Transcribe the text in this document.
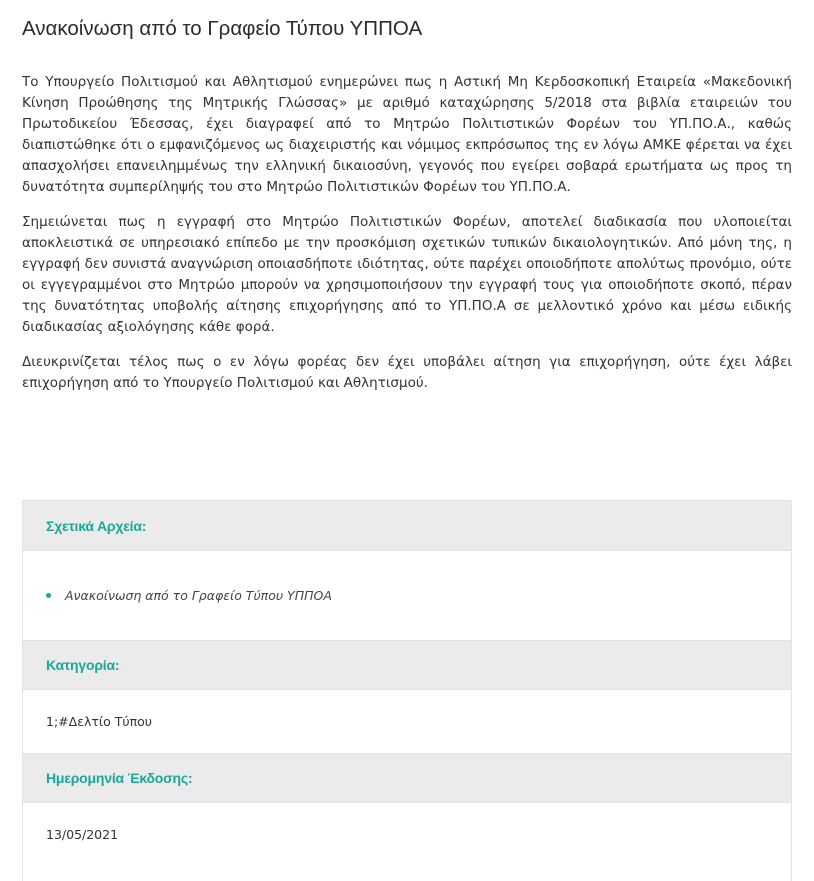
Ανακοίνωση από το Γραφείο Τύπου ΥΠΠΟΑ

Το Υπουργείο Πολιτισμού και Αθλητισμού ενημερώνει πως η Αστική Μη Κερδοσκοπική Εταιρεία «Μακεδονική Κίνηση Προώθησης της Μητρικής Γλώσσας» με αριθμό καταχώρησης 5/2018 στα βιβλία εταιρειών του Πρωτοδικείου Έδεσσας, έχει διαγραφεί από το Μητρώο Πολιτιστικών Φορέων του ΥΠ.ΠΟ.Α., καθώς διαπιστώθηκε ότι ο εμφανιζόμενος ως διαχειριστής και νόμιμος εκπρόσωπος της εν λόγω ΑΜΚΕ φέρεται να έχει απασχολήσει επανειλημμένως την ελληνική δικαιοσύνη, γεγονός που εγείρει σοβαρά ερωτήματα ως προς τη δυνατότητα συμπερίληψής του στο Μητρώο Πολιτιστικών Φορέων του ΥΠ.ΠΟ.Α.

Σημειώνεται πως η εγγραφή στο Μητρώο Πολιτιστικών Φορέων, αποτελεί διαδικασία που υλοποιείται αποκλειστικά σε υπηρεσιακό επίπεδο με την προσκόμιση σχετικών τυπικών δικαιολογητικών. Από μόνη της, η εγγραφή δεν συνιστά αναγνώριση οποιασδήποτε ιδιότητας, ούτε παρέχει οποιοδήποτε απολύτως προνόμιο, ούτε οι εγγεγραμμένοι στο Μητρώο μπορούν να χρησιμοποιήσουν την εγγραφή τους για οποιοδήποτε σκοπό, πέραν της δυνατότητας υποβολής αίτησης επιχορήγησης από το ΥΠ.ΠΟ.Α σε μελλοντικό χρόνο και μέσω ειδικής διαδικασίας αξιολόγησης κάθε φορά.

Διευκρινίζεται τέλος πως ο εν λόγω φορέας δεν έχει υποβάλει αίτηση για επιχορήγηση, ούτε έχει λάβει επιχορήγηση από το Υπουργείο Πολιτισμού και Αθλητισμού.

Σχετικά Αρχεία:
Ανακοίνωση από το Γραφείο Τύπου ΥΠΠΟΑ
Κατηγορία:
1;#Δελτίο Τύπου
Ημερομηνία Έκδοσης:
13/05/2021
